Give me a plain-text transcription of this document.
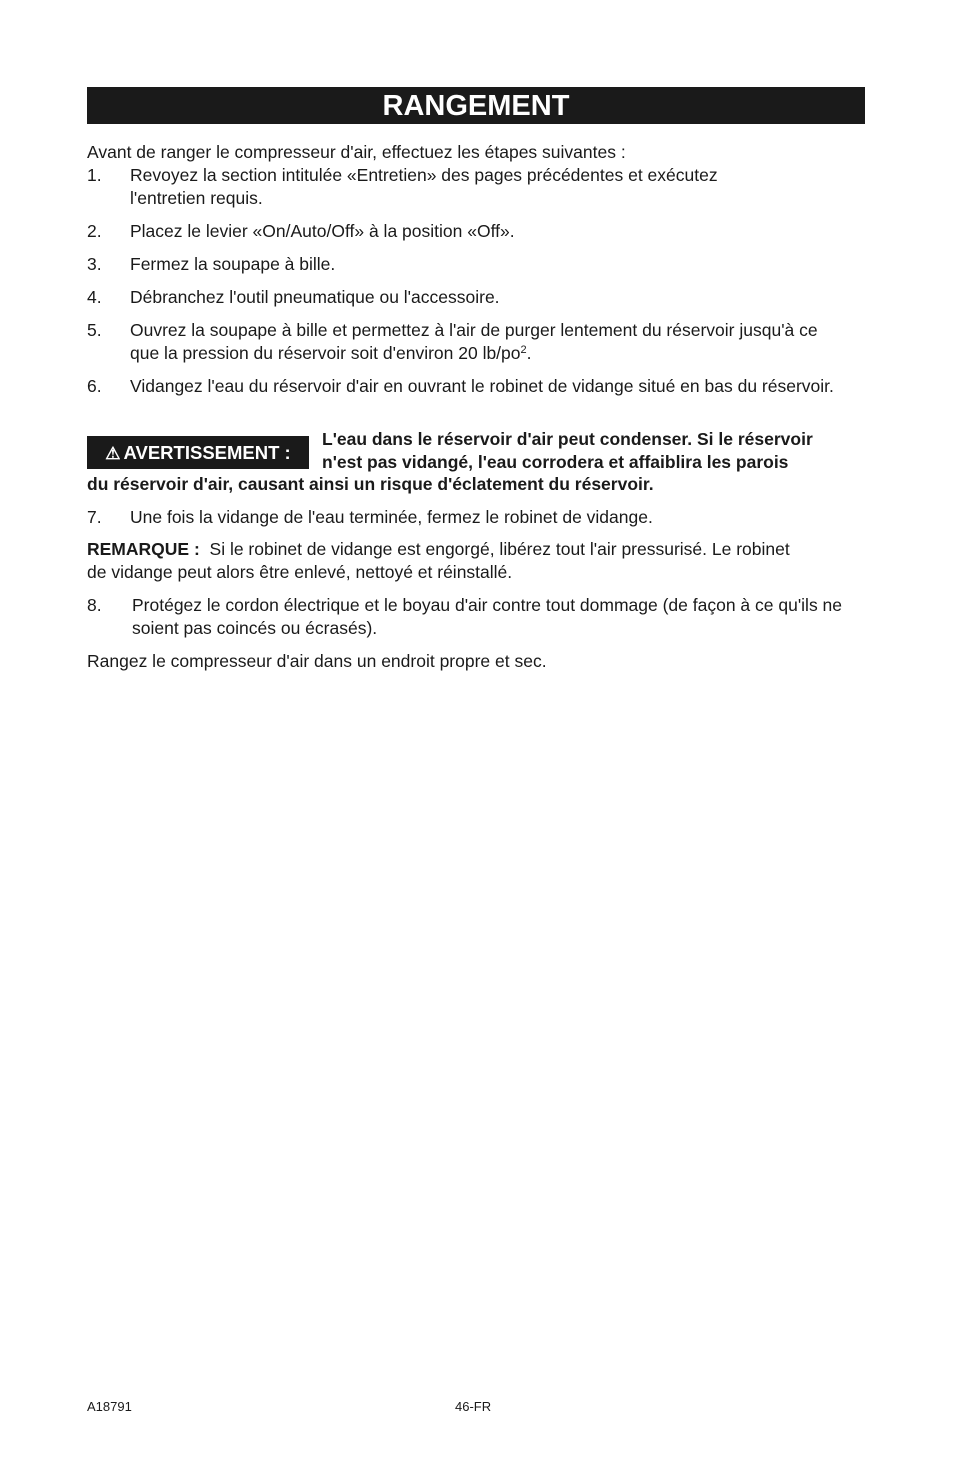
RANGEMENT

Avant de ranger le compresseur d'air, effectuez les étapes suivantes :

1. Revoyez la section intitulée «Entretien» des pages précédentes et exécutez l'entretien requis.
2. Placez le levier «On/Auto/Off» à la position «Off».
3. Fermez la soupape à bille.
4. Débranchez l'outil pneumatique ou l'accessoire.
5. Ouvrez la soupape à bille et permettez à l'air de purger lentement du réservoir jusqu'à ce que la pression du réservoir soit d'environ 20 $lb/po^2$.
6. Vidangez l'eau du réservoir d'air en ouvrant le robinet de vidange situé en bas du réservoir.
⚠ AVERTISSEMENT :
L'eau dans le réservoir d'air peut condenser. Si le réservoir
n'est pas vidangé, l'eau corrodera et affaiblira les parois
du réservoir d'air, causant ainsi un risque d'éclatement du réservoir.
7. Une fois la vidange de l'eau terminée, fermez le robinet de vidange.

REMARQUE : Si le robinet de vidange est engorgé, libérez tout l'air pressurisé. Le robinet de vidange peut alors être enlevé, nettoyé et réinstallé.

8. Protégez le cordon électrique et le boyau d'air contre tout dommage (de façon à ce qu'ils ne soient pas coincés ou écrasés).

Rangez le compresseur d'air dans un endroit propre et sec.

A18791	46-FR
